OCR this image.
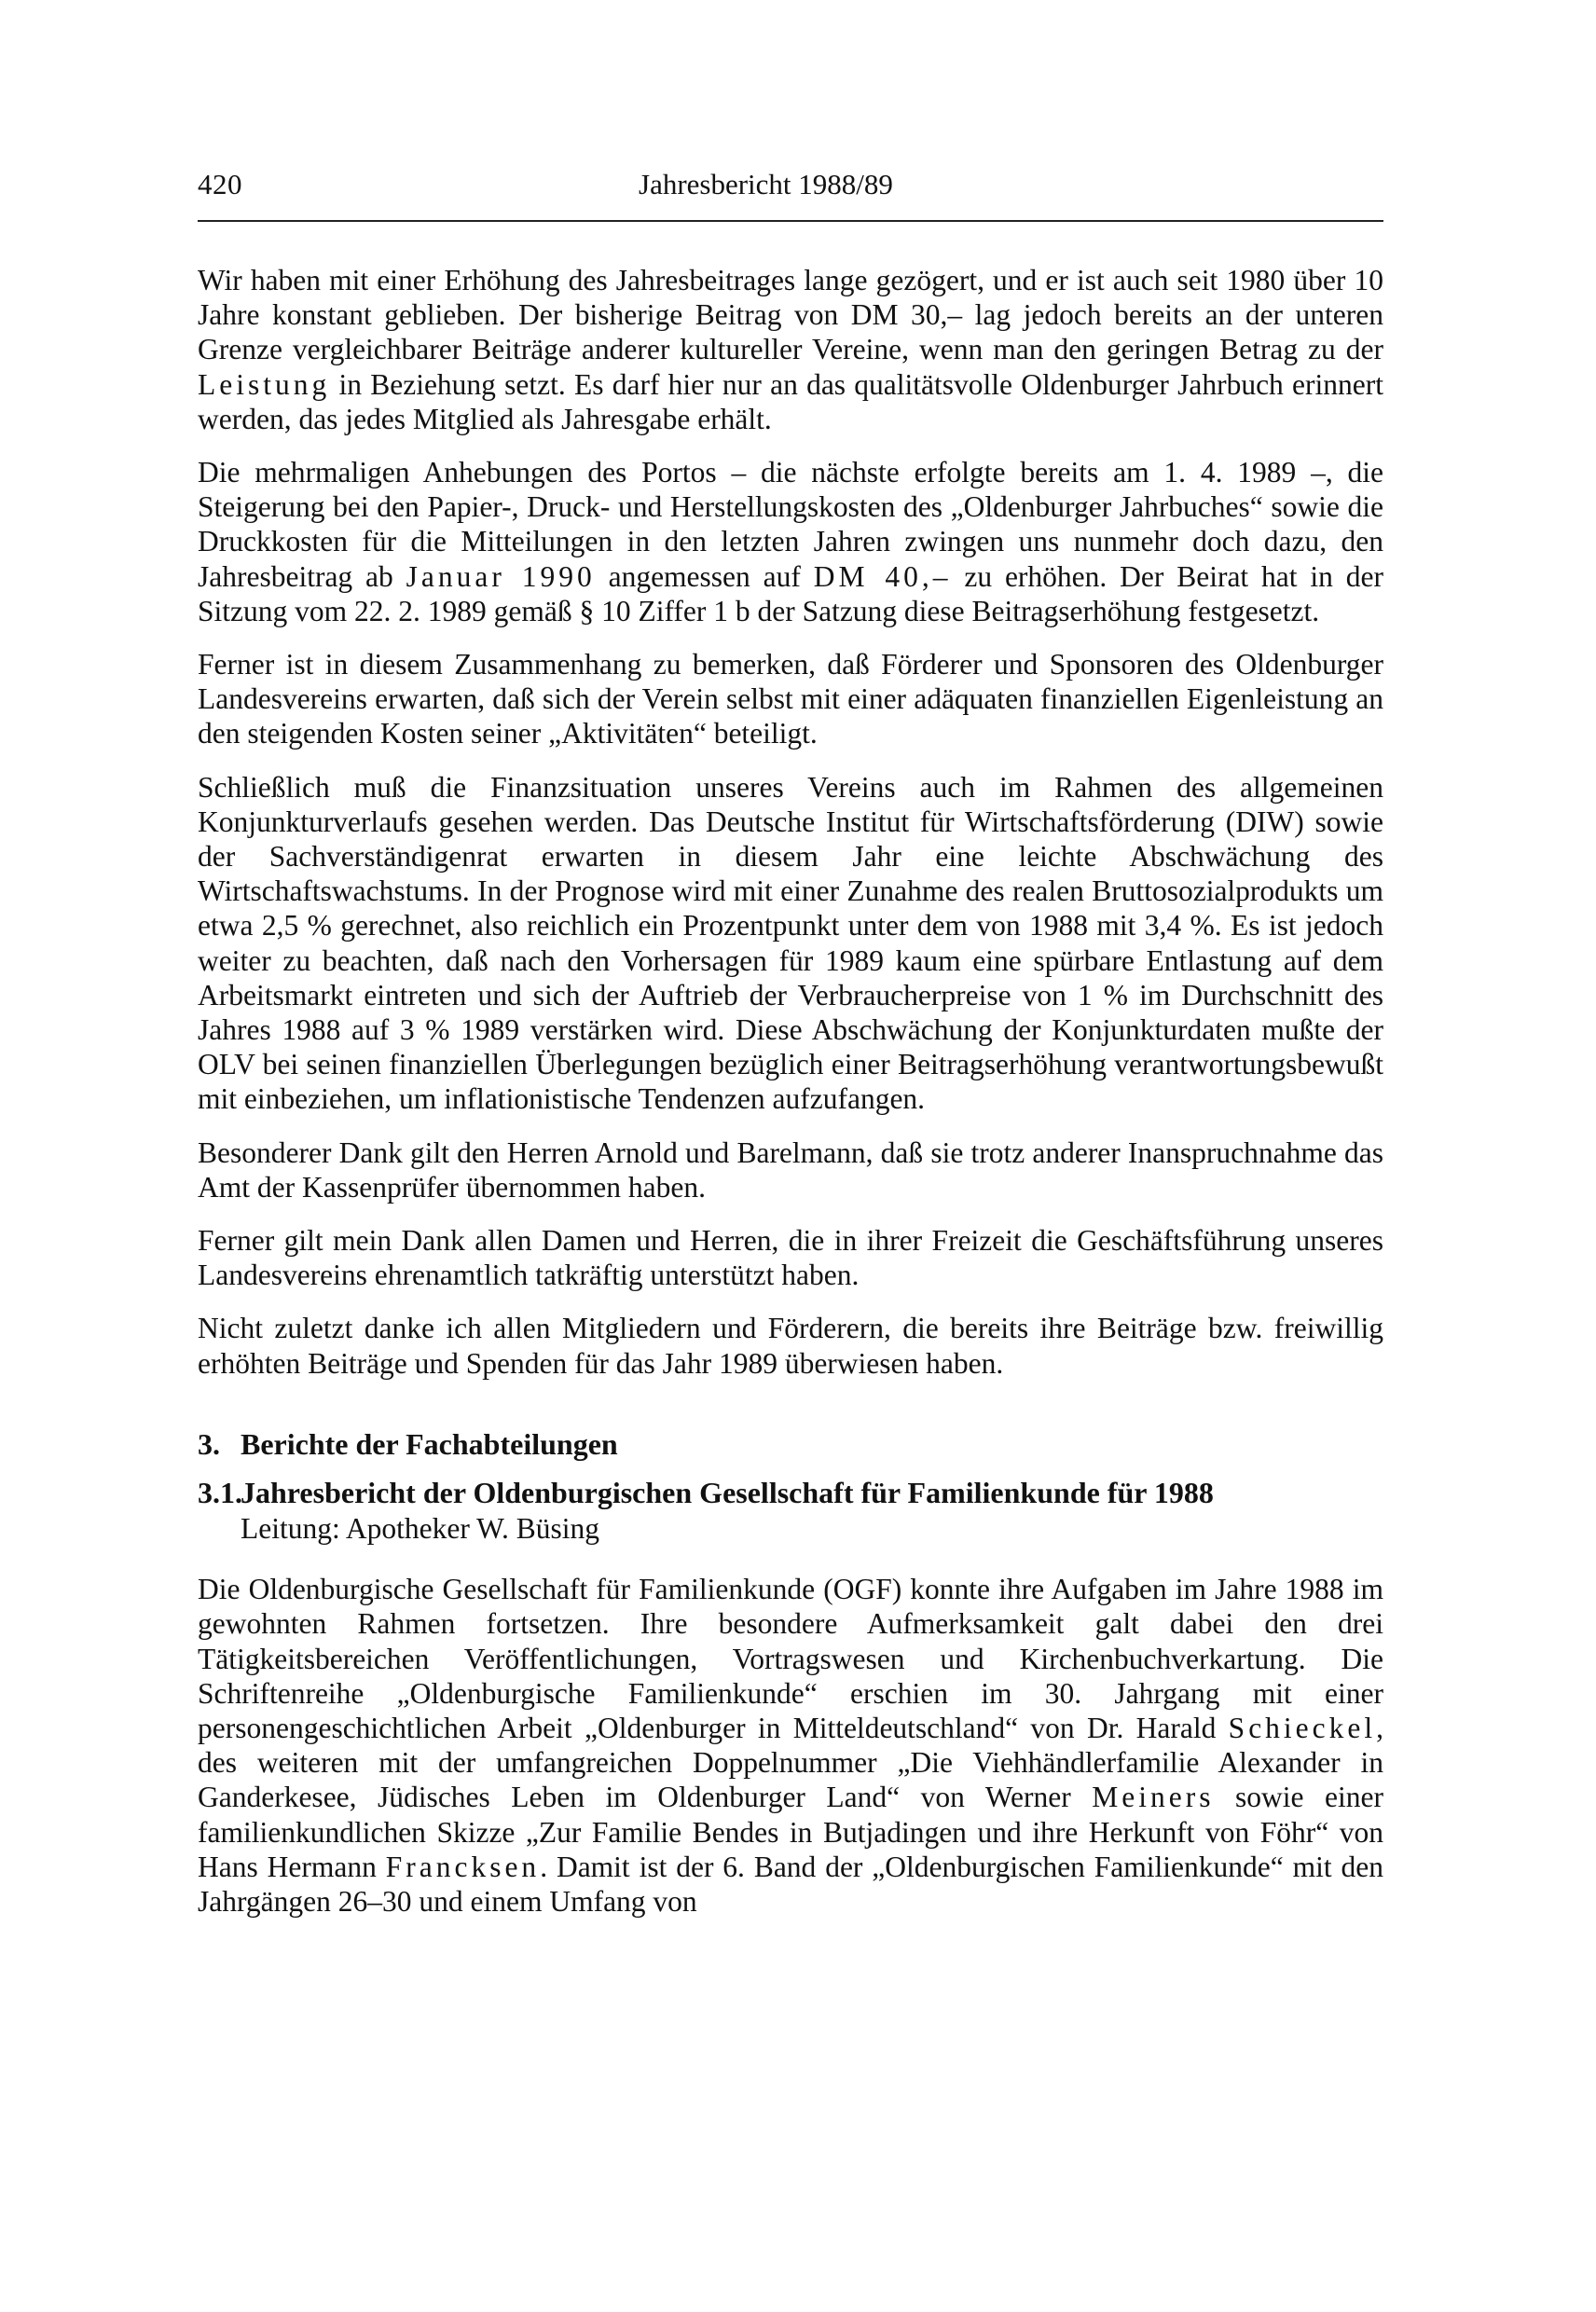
420	Jahresbericht 1988/89

Wir haben mit einer Erhöhung des Jahresbeitrages lange gezögert, und er ist auch seit 1980 über 10 Jahre konstant geblieben. Der bisherige Beitrag von DM 30,– lag jedoch bereits an der unteren Grenze vergleichbarer Beiträge anderer kultureller Vereine, wenn man den geringen Betrag zu der Leistung in Beziehung setzt. Es darf hier nur an das qualitätsvolle Oldenburger Jahrbuch erinnert werden, das jedes Mitglied als Jahresgabe erhält.

Die mehrmaligen Anhebungen des Portos – die nächste erfolgte bereits am 1. 4. 1989 –, die Steigerung bei den Papier-, Druck- und Herstellungskosten des „Oldenburger Jahrbuches“ sowie die Druckkosten für die Mitteilungen in den letzten Jahren zwingen uns nunmehr doch dazu, den Jahresbeitrag ab Januar 1990 angemessen auf DM 40,– zu erhöhen. Der Beirat hat in der Sitzung vom 22. 2. 1989 gemäß § 10 Ziffer 1 b der Satzung diese Beitragserhöhung festgesetzt.

Ferner ist in diesem Zusammenhang zu bemerken, daß Förderer und Sponsoren des Oldenburger Landesvereins erwarten, daß sich der Verein selbst mit einer adäquaten finanziellen Eigenleistung an den steigenden Kosten seiner „Aktivitäten“ beteiligt.

Schließlich muß die Finanzsituation unseres Vereins auch im Rahmen des allgemeinen Konjunkturverlaufs gesehen werden. Das Deutsche Institut für Wirtschaftsförderung (DIW) sowie der Sachverständigenrat erwarten in diesem Jahr eine leichte Abschwächung des Wirtschaftswachstums. In der Prognose wird mit einer Zunahme des realen Bruttosozialprodukts um etwa 2,5 % gerechnet, also reichlich ein Prozentpunkt unter dem von 1988 mit 3,4 %. Es ist jedoch weiter zu beachten, daß nach den Vorhersagen für 1989 kaum eine spürbare Entlastung auf dem Arbeitsmarkt eintreten und sich der Auftrieb der Verbraucherpreise von 1 % im Durchschnitt des Jahres 1988 auf 3 % 1989 verstärken wird. Diese Abschwächung der Konjunkturdaten mußte der OLV bei seinen finanziellen Überlegungen bezüglich einer Beitragserhöhung verantwortungsbewußt mit einbeziehen, um inflationistische Tendenzen aufzufangen.

Besonderer Dank gilt den Herren Arnold und Barelmann, daß sie trotz anderer Inanspruchnahme das Amt der Kassenprüfer übernommen haben.

Ferner gilt mein Dank allen Damen und Herren, die in ihrer Freizeit die Geschäftsführung unseres Landesvereins ehrenamtlich tatkräftig unterstützt haben.

Nicht zuletzt danke ich allen Mitgliedern und Förderern, die bereits ihre Beiträge bzw. freiwillig erhöhten Beiträge und Spenden für das Jahr 1989 überwiesen haben.

3. Berichte der Fachabteilungen
3.1.Jahresbericht der Oldenburgischen Gesellschaft für Familienkunde für 1988
Leitung: Apotheker W. Büsing

Die Oldenburgische Gesellschaft für Familienkunde (OGF) konnte ihre Aufgaben im Jahre 1988 im gewohnten Rahmen fortsetzen. Ihre besondere Aufmerksamkeit galt dabei den drei Tätigkeitsbereichen Veröffentlichungen, Vortragswesen und Kirchenbuchverkartung. Die Schriftenreihe „Oldenburgische Familienkunde“ erschien im 30. Jahrgang mit einer personengeschichtlichen Arbeit „Oldenburger in Mitteldeutschland“ von Dr. Harald Schieckel, des weiteren mit der umfangreichen Doppelnummer „Die Viehhändlerfamilie Alexander in Ganderkesee, Jüdisches Leben im Oldenburger Land“ von Werner Meiners sowie einer familienkundlichen Skizze „Zur Familie Bendes in Butjadingen und ihre Herkunft von Föhr“ von Hans Hermann Francksen. Damit ist der 6. Band der „Oldenburgischen Familienkunde“ mit den Jahrgängen 26–30 und einem Umfang von
